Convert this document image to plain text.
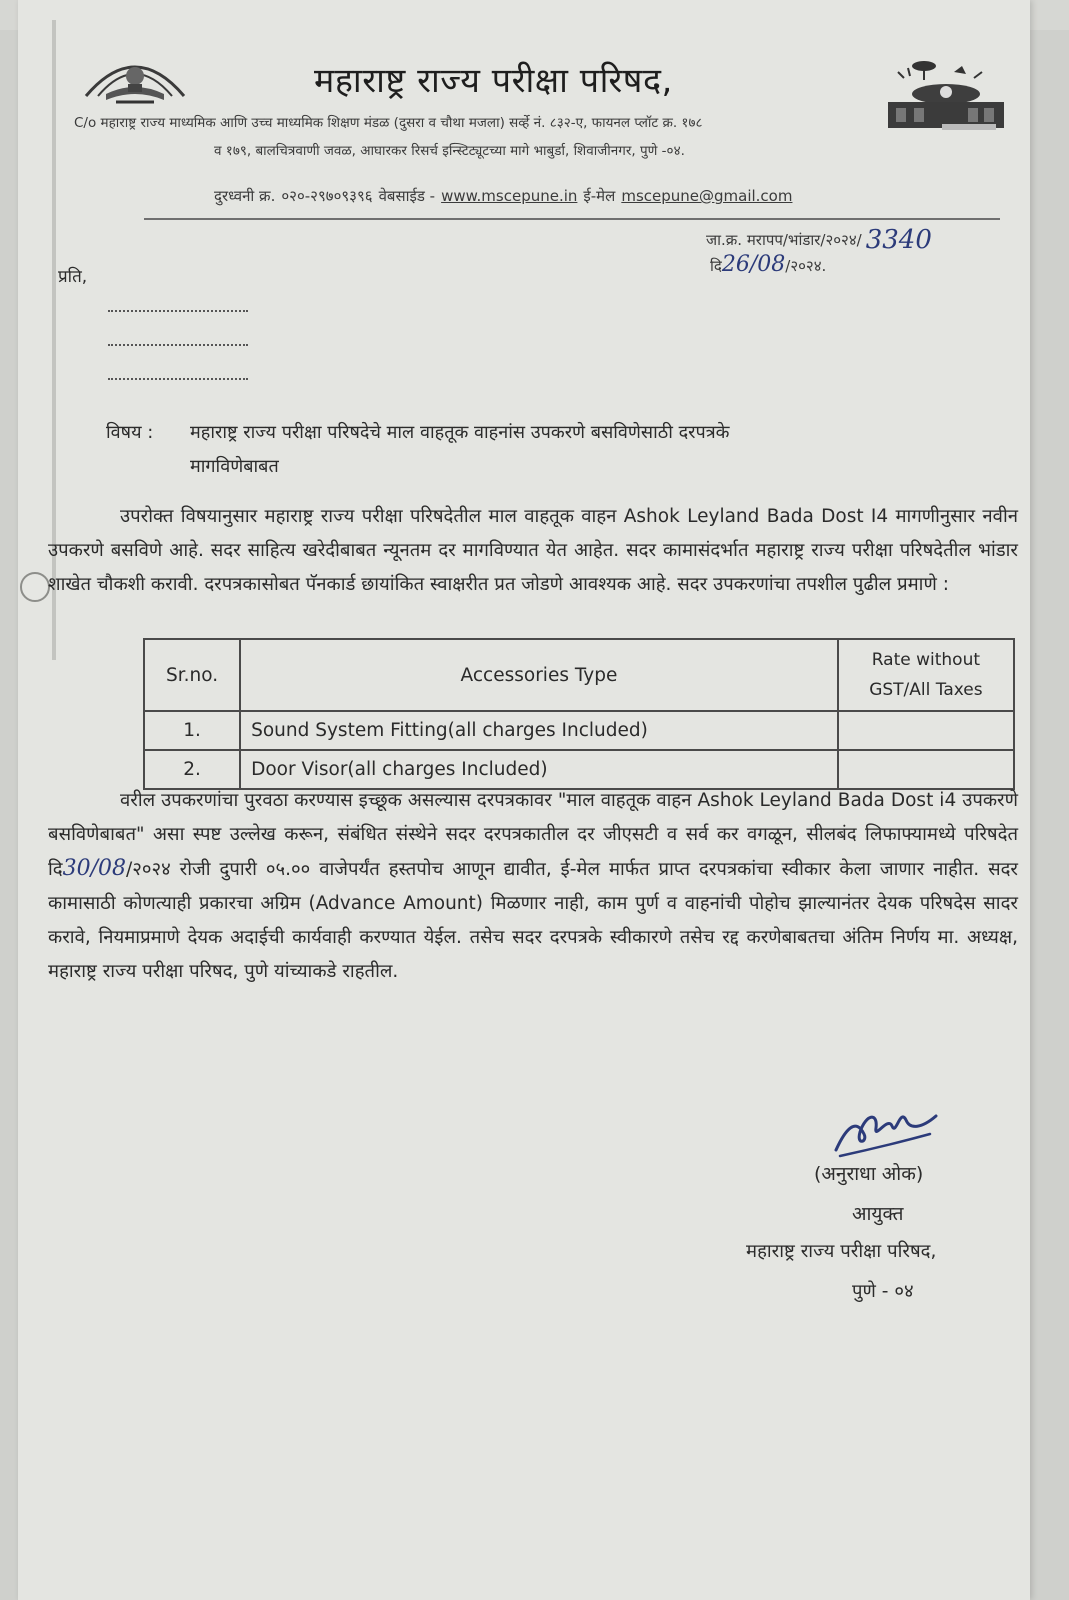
महाराष्ट्र राज्य परीक्षा परिषद,
C/o महाराष्ट्र राज्य माध्यमिक आणि उच्च माध्यमिक शिक्षण मंडळ (दुसरा व चौथा मजला) सर्व्हे नं. ८३२-ए, फायनल प्लॉट क्र. १७८
व १७९, बालचित्रवाणी जवळ, आघारकर रिसर्च इन्स्टिट्यूटच्या मागे भाबुर्डा, शिवाजीनगर, पुणे -०४.
दुरध्वनी क्र. ०२०-२९७०९३९६ वेबसाईड - www.mscepune.in ई-मेल mscepune@gmail.com
जा.क्र. मरापप/भांडार/२०२४/ 3340
दि26/08/२०२४.
प्रति,
विषय : महाराष्ट्र राज्य परीक्षा परिषदेचे माल वाहतूक वाहनांस उपकरणे बसविणेसाठी दरपत्रके
मागविणेबाबत
उपरोक्त विषयानुसार महाराष्ट्र राज्य परीक्षा परिषदेतील माल वाहतूक वाहन Ashok Leyland Bada Dost I4 मागणीनुसार नवीन उपकरणे बसविणे आहे. सदर साहित्य खरेदीबाबत न्यूनतम दर मागविण्यात येत आहेत. सदर कामासंदर्भात महाराष्ट्र राज्य परीक्षा परिषदेतील भांडार शाखेत चौकशी करावी. दरपत्रकासोबत पॅनकार्ड छायांकित स्वाक्षरीत प्रत जोडणे आवश्यक आहे. सदर उपकरणांचा तपशील पुढील प्रमाणे :
Sr.no.	Accessories Type	Rate without
GST/All Taxes

1.	Sound System Fitting(all charges Included)	
2.	Door Visor(all charges Included)	
वरील उपकरणांचा पुरवठा करण्यास इच्छूक असल्यास दरपत्रकावर "माल वाहतूक वाहन Ashok Leyland Bada Dost i4 उपकरणे बसविणेबाबत" असा स्पष्ट उल्लेख करून, संबंधित संस्थेने सदर दरपत्रकातील दर जीएसटी व सर्व कर वगळून, सीलबंद लिफाफ्यामध्ये परिषदेत दि30/08/२०२४ रोजी दुपारी ०५.०० वाजेपर्यंत हस्तपोच आणून द्यावीत, ई-मेल मार्फत प्राप्त दरपत्रकांचा स्वीकार केला जाणार नाहीत. सदर कामासाठी कोणत्याही प्रकारचा अग्रिम (Advance Amount) मिळणार नाही, काम पुर्ण व वाहनांची पोहोच झाल्यानंतर देयक परिषदेस सादर करावे, नियमाप्रमाणे देयक अदाईची कार्यवाही करण्यात येईल. तसेच सदर दरपत्रके स्वीकारणे तसेच रद्द करणेबाबतचा अंतिम निर्णय मा. अध्यक्ष, महाराष्ट्र राज्य परीक्षा परिषद, पुणे यांच्याकडे राहतील.
(अनुराधा ओक)
आयुक्त
महाराष्ट्र राज्य परीक्षा परिषद,
पुणे - ०४
